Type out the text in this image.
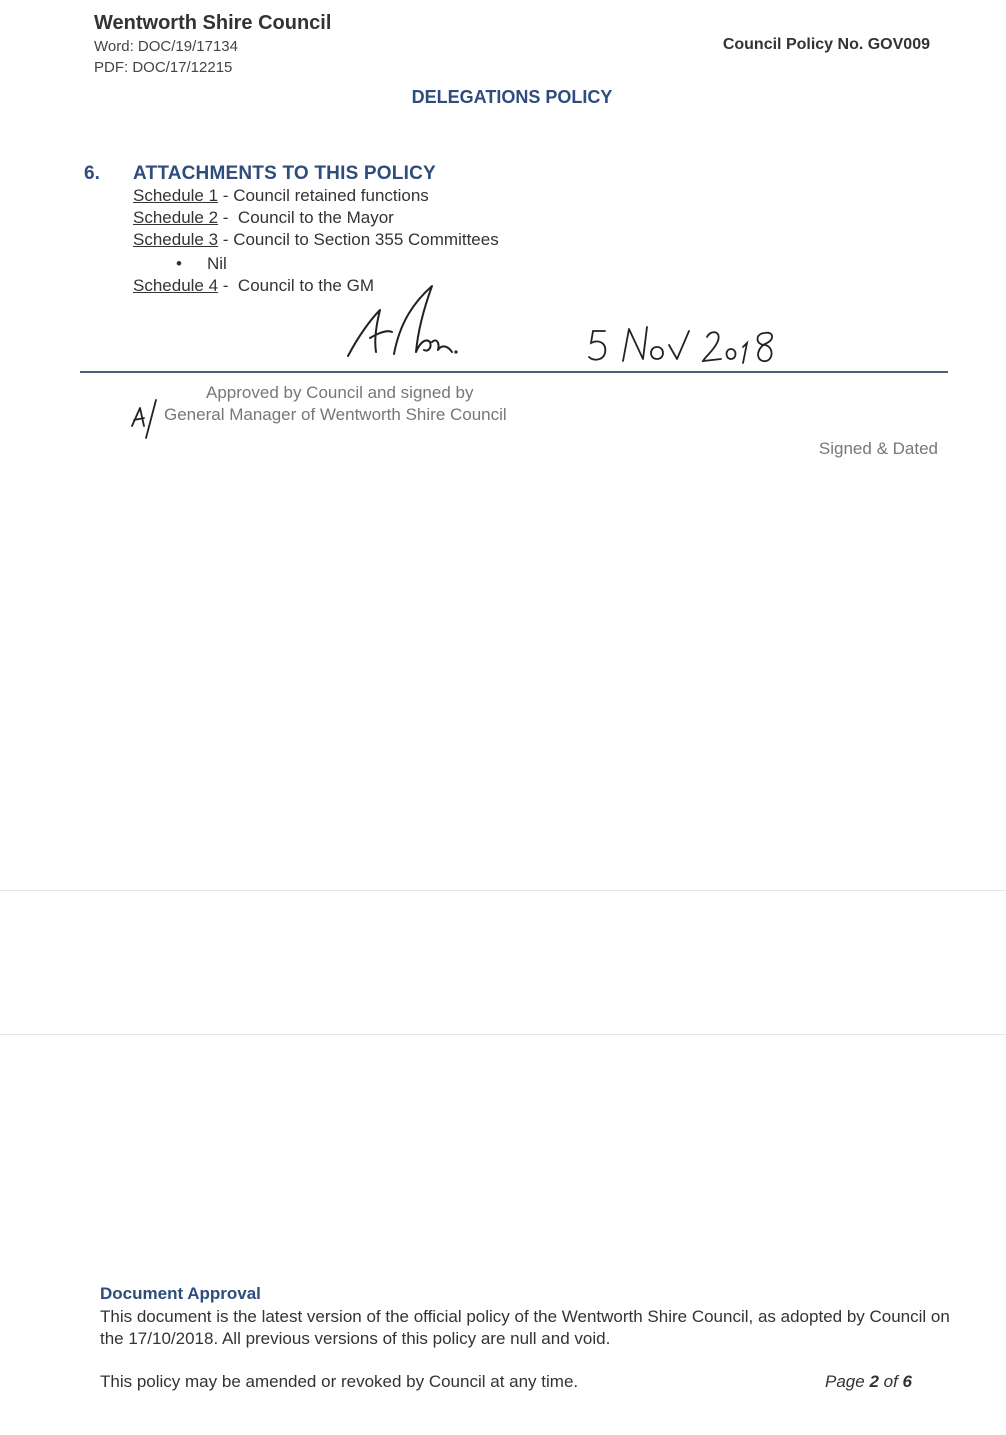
Wentworth Shire Council
Word: DOC/19/17134
PDF: DOC/17/12215
Council Policy No. GOV009
DELEGATIONS POLICY
6. ATTACHMENTS TO THIS POLICY
Schedule 1 - Council retained functions
Schedule 2 -  Council to the Mayor
Schedule 3 - Council to Section 355 Committees
• Nil
Schedule 4 -  Council to the GM
Approved by Council and signed by
General Manager of Wentworth Shire Council
Signed & Dated
Document Approval
This document is the latest version of the official policy of the Wentworth Shire Council, as adopted by Council on the 17/10/2018. All previous versions of this policy are null and void.
This policy may be amended or revoked by Council at any time.	Page 2 of 6
